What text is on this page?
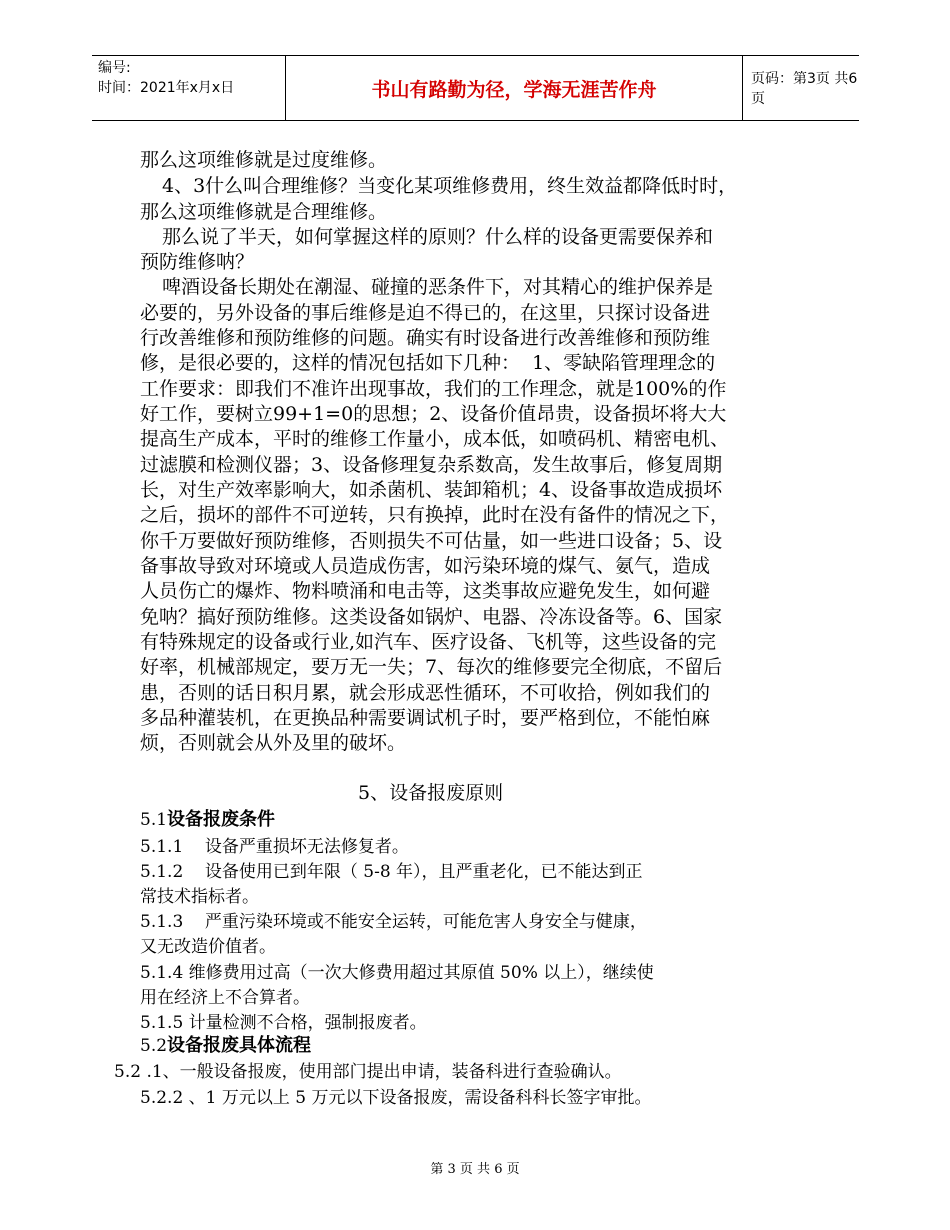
编号:
时间：2021年x月x日	书山有路勤为径，学海无涯苦作舟	页码：第3页 共6页
那么这项维修就是过度维修。
4、3什么叫合理维修？当变化某项维修费用，终生效益都降低时时，
那么这项维修就是合理维修。
那么说了半天，如何掌握这样的原则？什么样的设备更需要保养和
预防维修呐？
啤酒设备长期处在潮湿、碰撞的恶条件下，对其精心的维护保养是
必要的，另外设备的事后维修是迫不得已的，在这里，只探讨设备进
行改善维修和预防维修的问题。确实有时设备进行改善维修和预防维
修，是很必要的，这样的情况包括如下几种：  1、零缺陷管理理念的
工作要求：即我们不准许出现事故，我们的工作理念，就是100%的作
好工作，要树立99+1=0的思想；2、设备价值昂贵，设备损坏将大大
提高生产成本，平时的维修工作量小，成本低，如喷码机、精密电机、
过滤膜和检测仪器；3、设备修理复杂系数高，发生故事后，修复周期
长，对生产效率影响大，如杀菌机、装卸箱机；4、设备事故造成损坏
之后，损坏的部件不可逆转，只有换掉，此时在没有备件的情况之下，
你千万要做好预防维修，否则损失不可估量，如一些进口设备；5、设
备事故导致对环境或人员造成伤害，如污染环境的煤气、氨气，造成
人员伤亡的爆炸、物料喷涌和电击等，这类事故应避免发生，如何避
免呐？搞好预防维修。这类设备如锅炉、电器、冷冻设备等。6、国家
有特殊规定的设备或行业,如汽车、医疗设备、飞机等，这些设备的完
好率，机械部规定，要万无一失；7、每次的维修要完全彻底，不留后
患，否则的话日积月累，就会形成恶性循环，不可收拾，例如我们的
多品种灌装机，在更换品种需要调试机子时，要严格到位，不能怕麻
烦，否则就会从外及里的破坏。
5、设备报废原则
5.1设备报废条件
5.1.1    设备严重损坏无法修复者。
5.1.2    设备使用已到年限（ 5-8 年），且严重老化，已不能达到正
常技术指标者。
5.1.3    严重污染环境或不能安全运转，可能危害人身安全与健康，
又无改造价值者。
5.1.4 维修费用过高（一次大修费用超过其原值 50% 以上），继续使
用在经济上不合算者。
5.1.5 计量检测不合格，强制报废者。
5.2设备报废具体流程
5.2 .1、一般设备报废，使用部门提出申请，装备科进行查验确认。
5.2.2 、1 万元以上 5 万元以下设备报废，需设备科科长签字审批。
第 3 页 共 6 页
